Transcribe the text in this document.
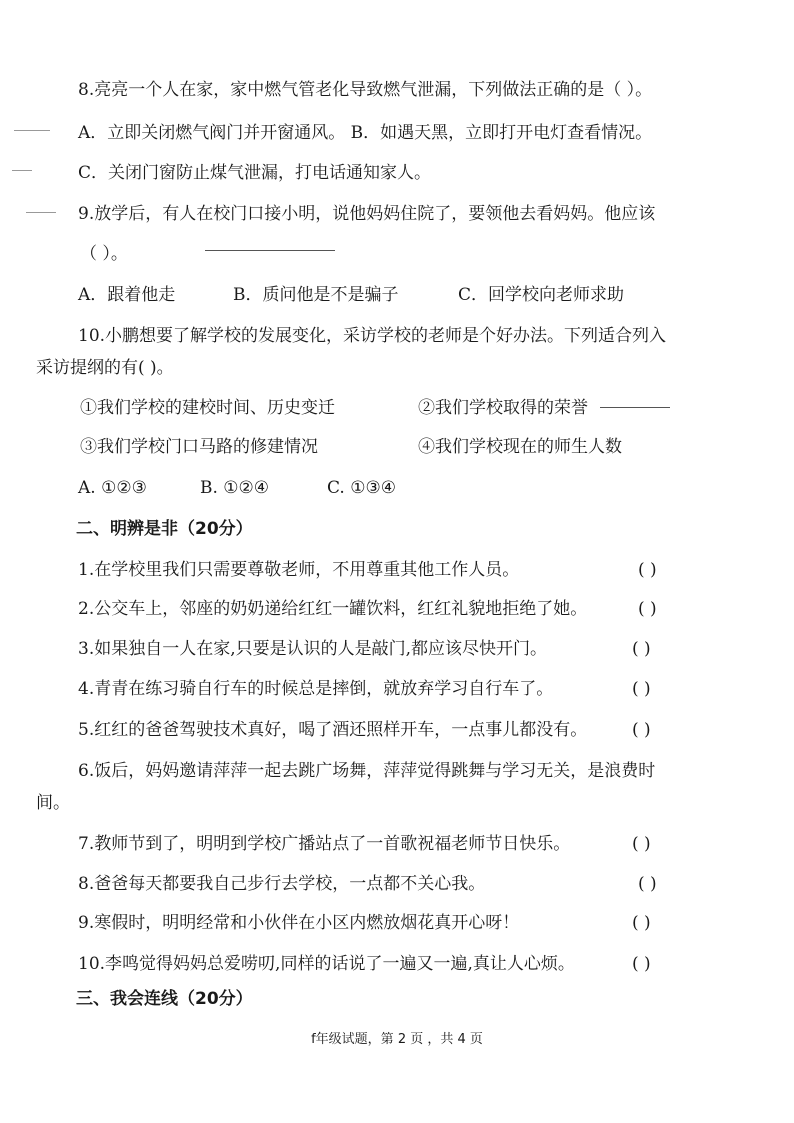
8.亮亮一个人在家，家中燃气管老化导致燃气泄漏，下列做法正确的是（ ）。
A．立即关闭燃气阀门并开窗通风。 B．如遇天黑，立即打开电灯查看情况。
C．关闭门窗防止煤气泄漏，打电话通知家人。
9.放学后，有人在校门口接小明，说他妈妈住院了，要领他去看妈妈。他应该
（ ）。
A．跟着他走	B．质问他是不是骗子	C．回学校向老师求助
10.小鹏想要了解学校的发展变化，采访学校的老师是个好办法。下列适合列入
采访提纲的有( )。
①我们学校的建校时间、历史变迁	②我们学校取得的荣誉
③我们学校门口马路的修建情况	④我们学校现在的师生人数
A. ①②③	B. ①②④	C. ①③④
二、明辨是非（20分）
1.在学校里我们只需要尊敬老师，不用尊重其他工作人员。	( )
2.公交车上，邻座的奶奶递给红红一罐饮料，红红礼貌地拒绝了她。	( )
3.如果独自一人在家,只要是认识的人是敲门,都应该尽快开门。	( )
4.青青在练习骑自行车的时候总是摔倒，就放弃学习自行车了。	( )
5.红红的爸爸驾驶技术真好，喝了酒还照样开车，一点事儿都没有。	( )
6.饭后，妈妈邀请萍萍一起去跳广场舞，萍萍觉得跳舞与学习无关，是浪费时
间。
7.教师节到了，明明到学校广播站点了一首歌祝福老师节日快乐。	( )
8.爸爸每天都要我自己步行去学校，一点都不关心我。	( )
9.寒假时，明明经常和小伙伴在小区内燃放烟花真开心呀！	( )
10.李鸣觉得妈妈总爱唠叨,同样的话说了一遍又一遍,真让人心烦。	( )
三、我会连线（20分）
f年级试题，第 2 页 ，共 4 页
